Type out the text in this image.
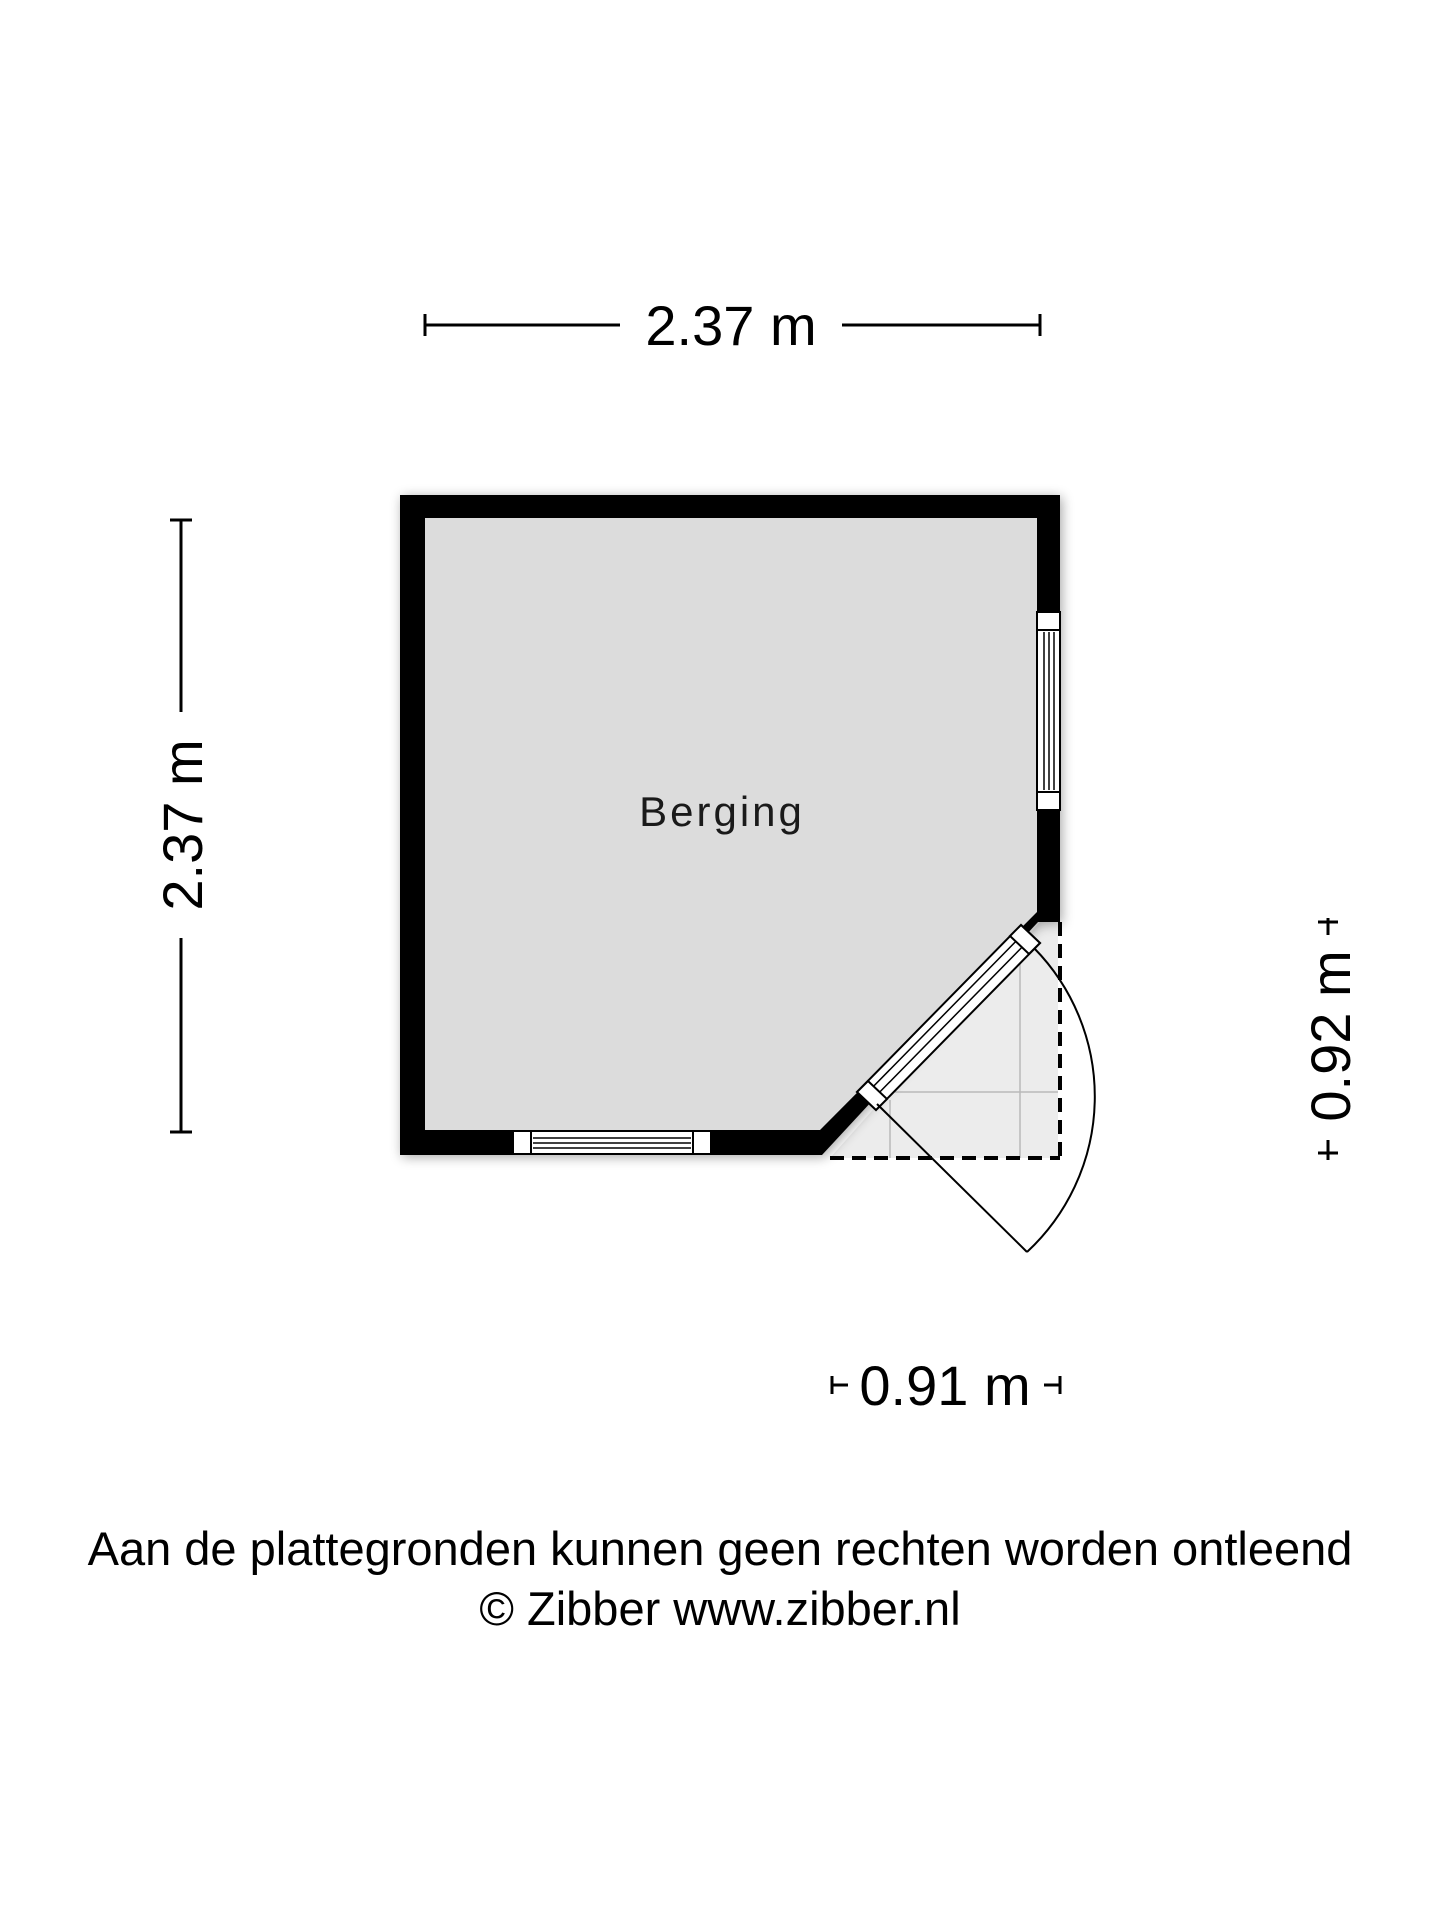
2.37 m
2.37 m
0.92 m
0.91 m
Berging
Aan de plattegronden kunnen geen rechten worden ontleend
© Zibber www.zibber.nl
